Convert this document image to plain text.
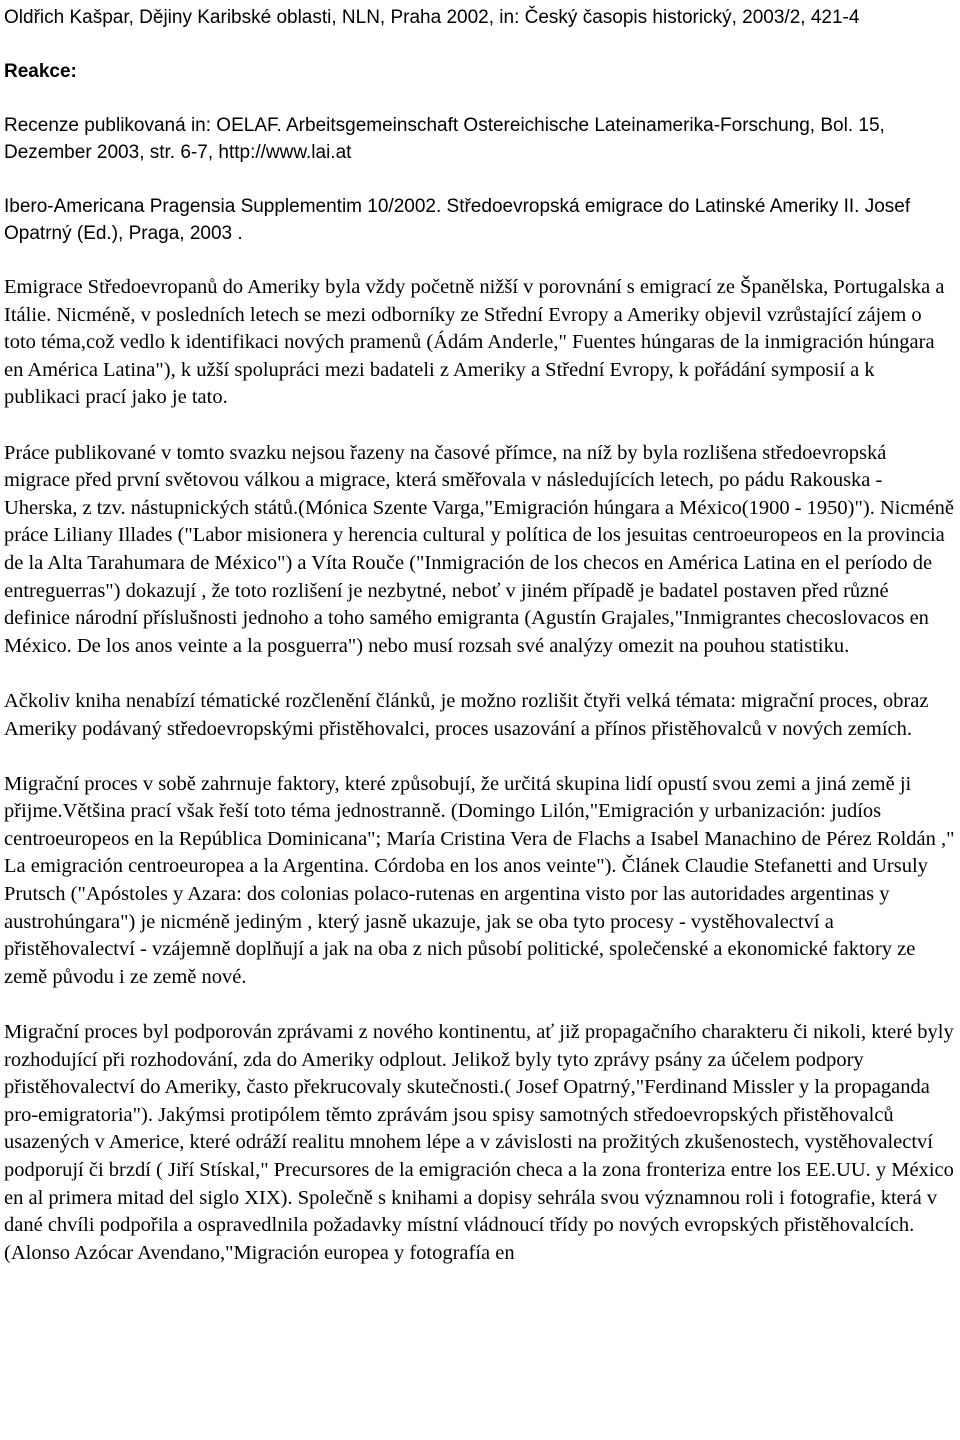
Oldřich Kašpar, Dějiny Karibské oblasti, NLN, Praha 2002, in: Český časopis historický, 2003/2, 421-4

Reakce:

Recenze publikovaná in: OELAF. Arbeitsgemeinschaft Ostereichische Lateinamerika-Forschung, Bol. 15, Dezember 2003, str. 6-7, http://www.lai.at

Ibero-Americana Pragensia Supplementim 10/2002. Středoevropská emigrace do Latinské Ameriky II. Josef Opatrný (Ed.), Praga, 2003 .

Emigrace Středoevropanů do Ameriky byla vždy početně nižší v porovnání s emigrací ze Španělska, Portugalska a Itálie. Nicméně, v posledních letech se mezi odborníky ze Střední Evropy a Ameriky objevil vzrůstající zájem o toto téma,což vedlo k identifikaci nových pramenů (Ádám Anderle," Fuentes húngaras de la inmigración húngara en América Latina"), k užší spolupráci mezi badateli z Ameriky a Střední Evropy, k pořádání symposií a k publikaci prací jako je tato.

Práce publikované v tomto svazku nejsou řazeny na časové přímce, na níž by byla rozlišena středoevropská migrace před první světovou válkou a migrace, která směřovala v následujících letech, po pádu Rakouska - Uherska, z tzv. nástupnických států.(Mónica Szente Varga,"Emigración húngara a México(1900 - 1950)"). Nicméně práce Liliany Illades ("Labor misionera y herencia cultural y política de los jesuitas centroeuropeos en la provincia de la Alta Tarahumara de México") a Víta Rouče ("Inmigración de los checos en América Latina en el período de entreguerras") dokazují , že toto rozlišení je nezbytné, neboť v jiném případě je badatel postaven před různé definice národní příslušnosti jednoho a toho samého emigranta (Agustín Grajales,"Inmigrantes checoslovacos en México. De los anos veinte a la posguerra") nebo musí rozsah své analýzy omezit na pouhou statistiku.

Ačkoliv kniha nenabízí tématické rozčlenění článků, je možno rozlišit čtyři velká témata: migrační proces, obraz Ameriky podávaný středoevropskými přistěhovalci, proces usazování a přínos přistěhovalců v nových zemích.

Migrační proces v sobě zahrnuje faktory, které způsobují, že určitá skupina lidí opustí svou zemi a jiná země ji přijme.Většina prací však řeší toto téma jednostranně. (Domingo Lilón,"Emigración y urbanización: judíos centroeuropeos en la República Dominicana"; María Cristina Vera de Flachs a Isabel Manachino de Pérez Roldán ," La emigración centroeuropea a la Argentina. Córdoba en los anos veinte"). Článek Claudie Stefanetti and Ursuly Prutsch ("Apóstoles y Azara: dos colonias polaco-rutenas en argentina visto por las autoridades argentinas y austrohúngara") je nicméně jediným , který jasně ukazuje, jak se oba tyto procesy - vystěhovalectví a přistěhovalectví - vzájemně doplňují a jak na oba z nich působí politické, společenské a ekonomické faktory ze země původu i ze země nové.

Migrační proces byl podporován zprávami z nového kontinentu, ať již propagačního charakteru či nikoli, které byly rozhodující při rozhodování, zda do Ameriky odplout. Jelikož byly tyto zprávy psány za účelem podpory přistěhovalectví do Ameriky, často překrucovaly skutečnosti.( Josef Opatrný,"Ferdinand Missler y la propaganda pro-emigratoria"). Jakýmsi protipólem těmto zprávám jsou spisy samotných středoevropských přistěhovalců usazených v Americe, které odráží realitu mnohem lépe a v závislosti na prožitých zkušenostech, vystěhovalectví podporují či brzdí ( Jiří Stískal," Precursores de la emigración checa a la zona fronteriza entre los EE.UU. y México en al primera mitad del siglo XIX). Společně s knihami a dopisy sehrála svou významnou roli i fotografie, která v dané chvíli podpořila a ospravedlnila požadavky místní vládnoucí třídy po nových evropských přistěhovalcích. (Alonso Azócar Avendano,"Migración europea y fotografía en
